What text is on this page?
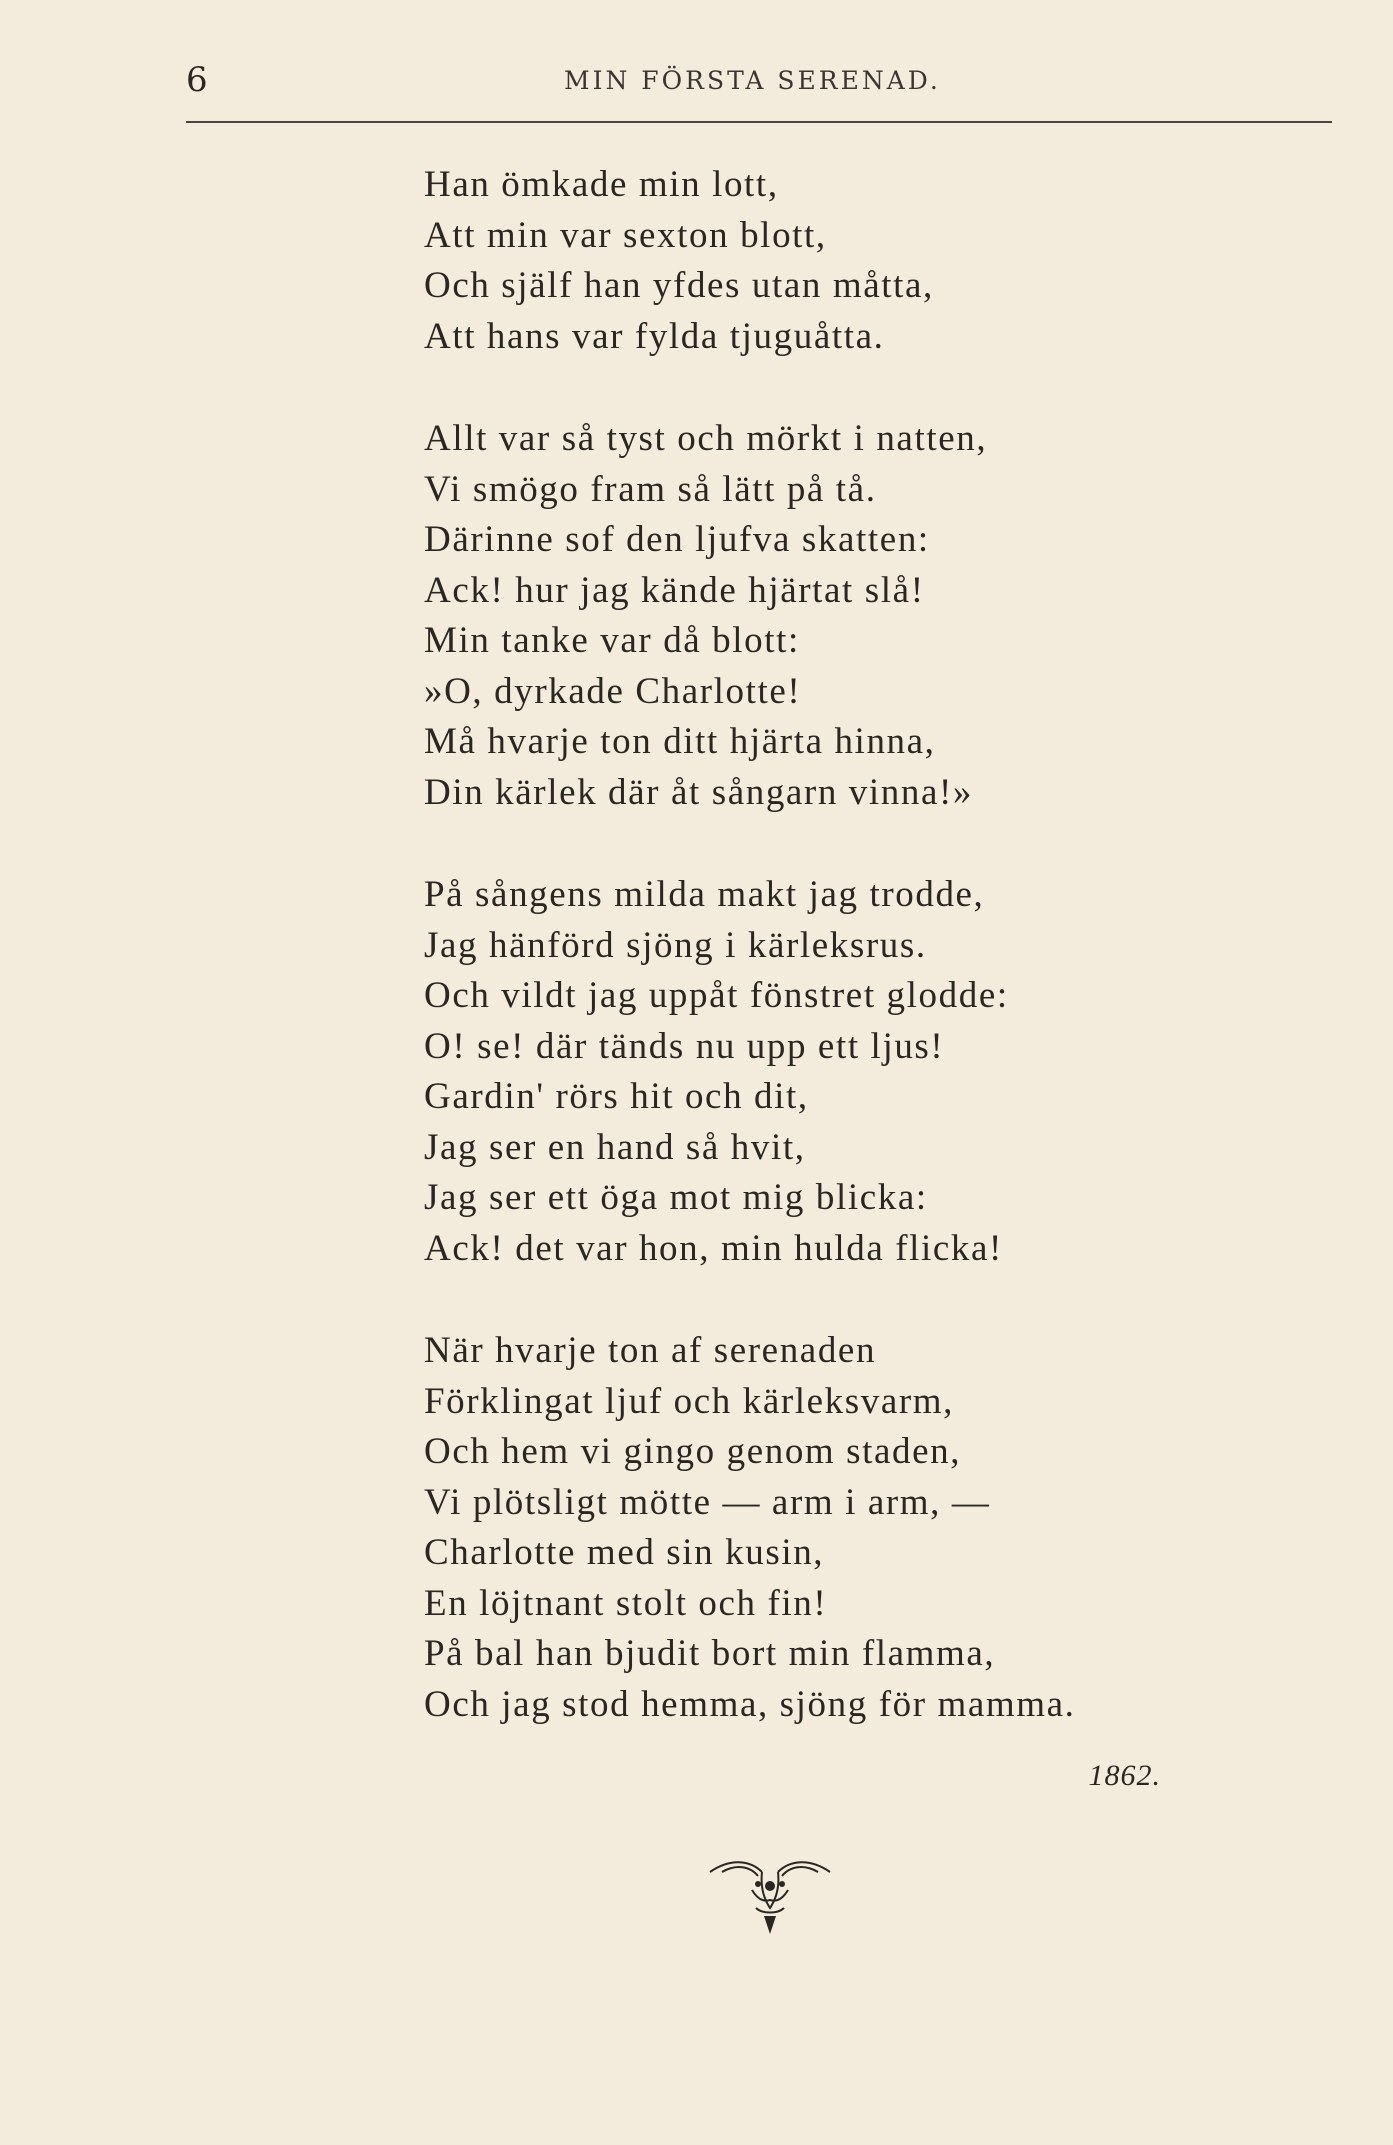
6	MIN FÖRSTA SERENAD.
Han ömkade min lott,
Att min var sexton blott,
Och själf han yfdes utan måtta,
Att hans var fylda tjuguåtta.
Allt var så tyst och mörkt i natten,
Vi smögo fram så lätt på tå.
Därinne sof den ljufva skatten:
Ack! hur jag kände hjärtat slå!
Min tanke var då blott:
»O, dyrkade Charlotte!
Må hvarje ton ditt hjärta hinna,
Din kärlek där åt sångarn vinna!»
På sångens milda makt jag trodde,
Jag hänförd sjöng i kärleksrus.
Och vildt jag uppåt fönstret glodde:
O! se! där tänds nu upp ett ljus!
Gardin' rörs hit och dit,
Jag ser en hand så hvit,
Jag ser ett öga mot mig blicka:
Ack! det var hon, min hulda flicka!
När hvarje ton af serenaden
Förklingat ljuf och kärleksvarm,
Och hem vi gingo genom staden,
Vi plötsligt mötte — arm i arm, —
Charlotte med sin kusin,
En löjtnant stolt och fin!
På bal han bjudit bort min flamma,
Och jag stod hemma, sjöng för mamma.
1862.
